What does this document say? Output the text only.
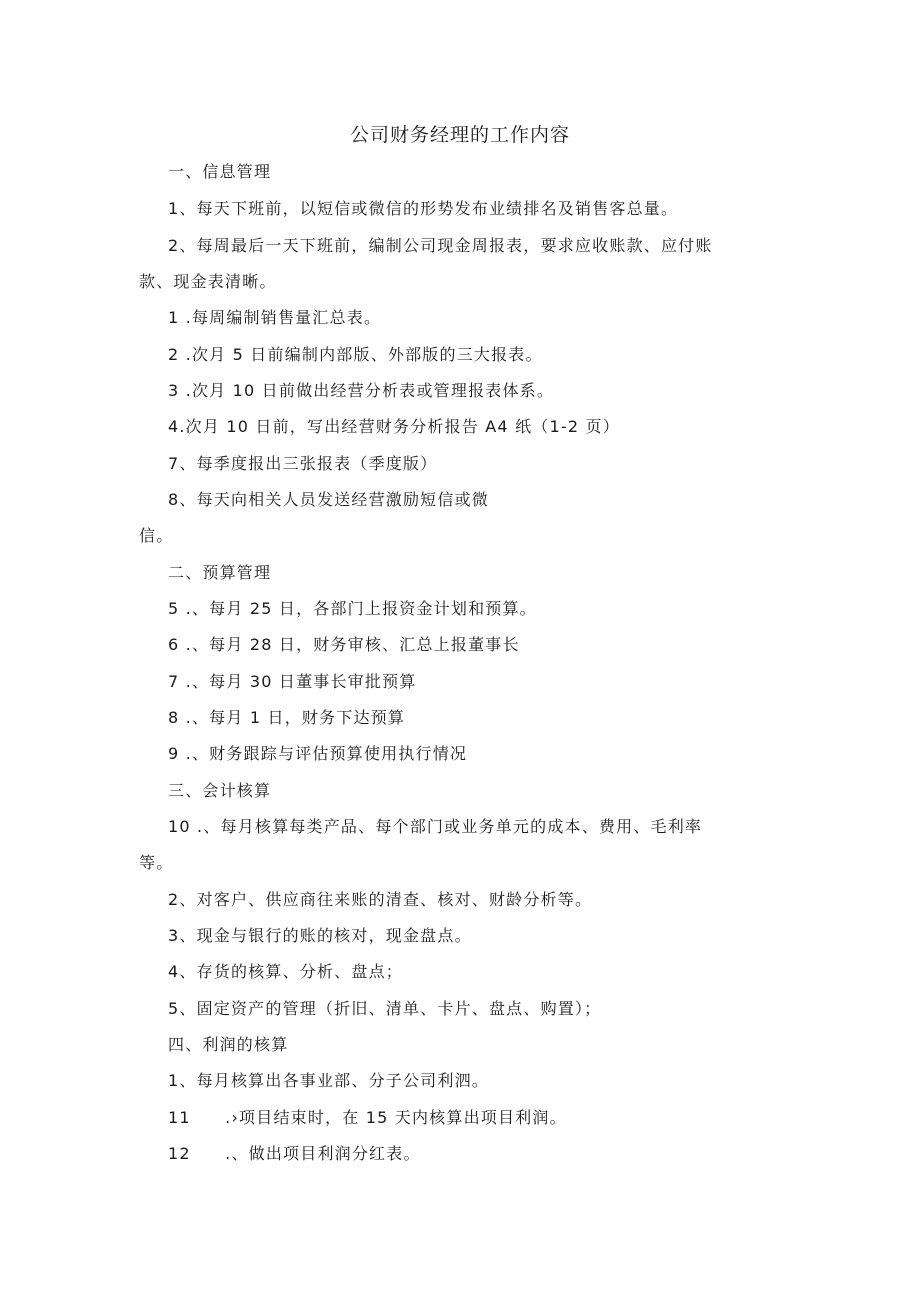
公司财务经理的工作内容
一、信息管理
1、每天下班前，以短信或微信的形势发布业绩排名及销售客总量。
2、每周最后一天下班前，编制公司现金周报表，要求应收账款、应付账
款、现金表清晰。
1 .每周编制销售量汇总表。
2 .次月 5 日前编制内部版、外部版的三大报表。
3 .次月 10 日前做出经营分析表或管理报表体系。
4.次月 10 日前，写出经营财务分析报告 A4 纸（1-2 页）
7、每季度报出三张报表（季度版）
8、每天向相关人员发送经营激励短信或微
信。
二、预算管理
5 .、每月 25 日，各部门上报资金计划和预算。
6 .、每月 28 日，财务审核、汇总上报董事长
7 .、每月 30 日董事长审批预算
8 .、每月 1 日，财务下达预算
9 .、财务跟踪与评估预算使用执行情况
三、会计核算
10 .、每月核算每类产品、每个部门或业务单元的成本、费用、毛利率
等。
2、对客户、供应商往来账的清查、核对、财龄分析等。
3、现金与银行的账的核对，现金盘点。
4、存货的核算、分析、盘点；
5、固定资产的管理（折旧、清单、卡片、盘点、购置）；
四、利润的核算
1、每月核算出各事业部、分子公司利泗。
11　　.›项目结束时，在 15 天内核算出项目利润。
12　　.、做出项目利润分红表。
